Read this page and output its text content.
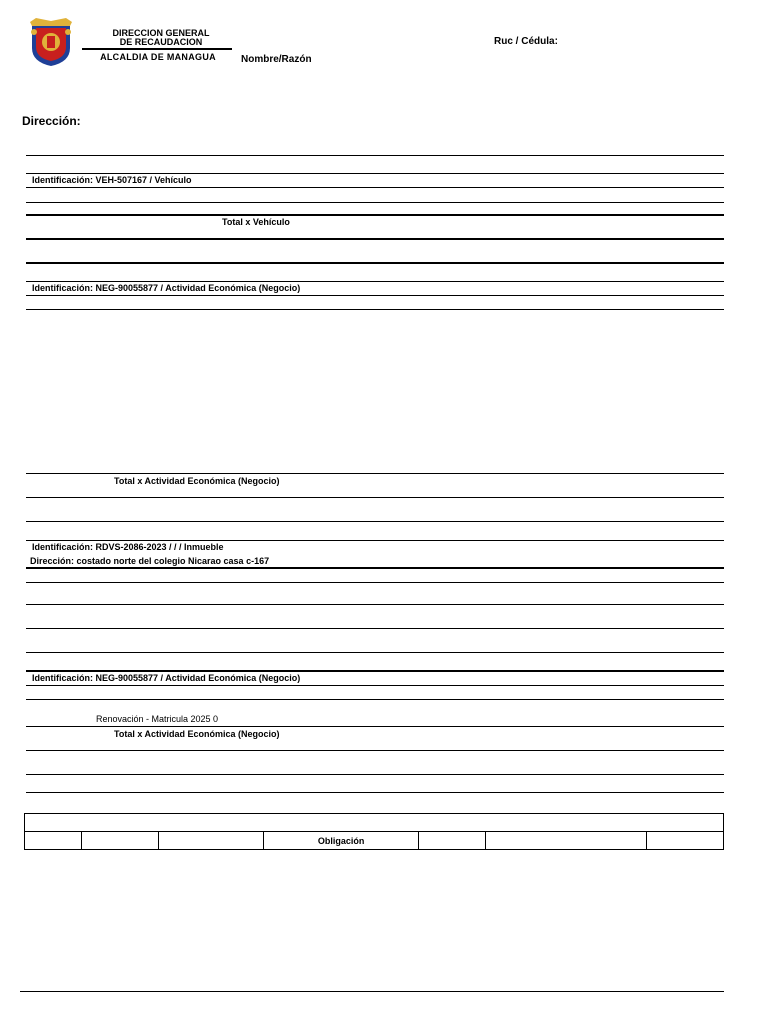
DIRECCION GENERAL
DE RECAUDACION
ALCALDIA DE MANAGUA
Ruc / Cédula:
Nombre/Razón
Dirección:
Identificación: VEH-507167 / Vehículo
Total x Vehículo
Identificación: NEG-90055877 / Actividad Económica (Negocio)
Total x Actividad Económica (Negocio)
Identificación: RDVS-2086-2023 / / / Inmueble
Dirección: costado norte del colegio Nicarao casa c-167
Identificación: NEG-90055877 / Actividad Económica (Negocio)
Renovación - Matricula 2025 0
Total x Actividad Económica (Negocio)

			Obligación			
